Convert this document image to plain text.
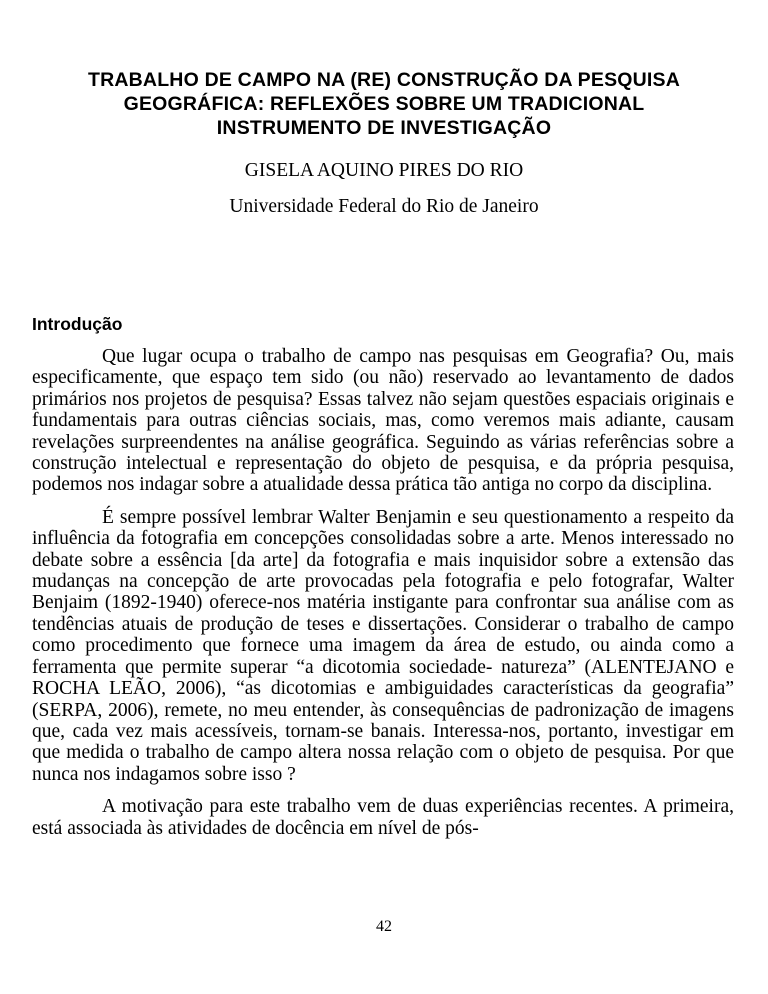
TRABALHO DE CAMPO NA (RE) CONSTRUÇÃO DA PESQUISA
GEOGRÁFICA: REFLEXÕES SOBRE UM TRADICIONAL
INSTRUMENTO DE INVESTIGAÇÃO
GISELA AQUINO PIRES DO RIO
Universidade Federal do Rio de Janeiro
Introdução

Que lugar ocupa o trabalho de campo nas pesquisas em Geografia? Ou, mais especificamente, que espaço tem sido (ou não) reservado ao levantamento de dados primários nos projetos de pesquisa? Essas talvez não sejam questões espaciais originais e fundamentais para outras ciências sociais, mas, como veremos mais adiante, causam revelações surpreendentes na análise geográfica. Seguindo as várias referências sobre a construção intelectual e representação do objeto de pesquisa, e da própria pesquisa, podemos nos indagar sobre a atualidade dessa prática tão antiga no corpo da disciplina.

É sempre possível lembrar Walter Benjamin e seu questionamento a respeito da influência da fotografia em concepções consolidadas sobre a arte. Menos interessado no debate sobre a essência [da arte] da fotografia e mais inquisidor sobre a extensão das mudanças na concepção de arte provocadas pela fotografia e pelo fotografar, Walter Benjaim (1892-1940) oferece-nos matéria instigante para confrontar sua análise com as tendências atuais de produção de teses e dissertações. Considerar o trabalho de campo como procedimento que fornece uma imagem da área de estudo, ou ainda como a ferramenta que permite superar “a dicotomia sociedade- natureza” (ALENTEJANO e ROCHA LEÃO, 2006), “as dicotomias e ambiguidades características da geografia” (SERPA, 2006), remete, no meu entender, às consequências de padronização de imagens que, cada vez mais acessíveis, tornam-se banais. Interessa-nos, portanto, investigar em que medida o trabalho de campo altera nossa relação com o objeto de pesquisa. Por que nunca nos indagamos sobre isso ?

A motivação para este trabalho vem de duas experiências recentes. A primeira, está associada às atividades de docência em nível de pós-

42
